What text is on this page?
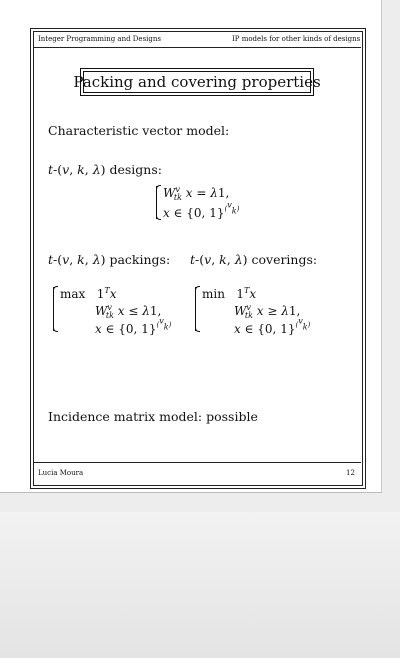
Integer Programming and Designs	IP models for other kinds of designs
Packing and covering properties
Characteristic vector model:
t-(v, k, λ) designs:
$W^v_{tk}$ x = λ1,
x ∈ {0, 1}($^v_k$)
t-(v, k, λ) packings: t-(v, k, λ) coverings:
$\max 1^Tx$
$W^v_{tk}$ x ≤ λ1,
x ∈ {0, 1}($^v_k$)
$\min 1^Tx$
$W^v_{tk}$ x ≥ λ1,
x ∈ {0, 1}($^v_k$)
Incidence matrix model: possible
Lucia Moura	12
